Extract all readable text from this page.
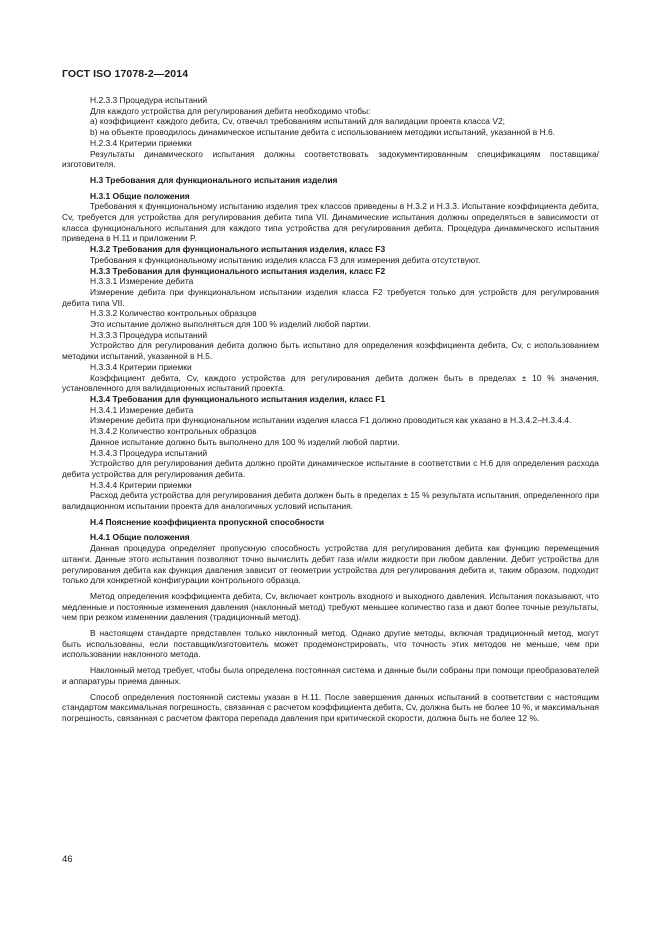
ГОСТ ISO 17078-2—2014

H.2.3.3 Процедура испытаний

Для каждого устройства для регулирования дебита необходимо чтобы:

а) коэффициент каждого дебита, Cv, отвечал требованиям испытаний для валидации проекта класса V2;

b) на объекте проводилось динамическое испытание дебита с использованием методики испытаний, указанной в H.6.

H.2.3.4 Критерии приемки

Результаты динамического испытания должны соответствовать задокументированным спецификациям поставщика/изготовителя.

H.3 Требования для функционального испытания изделия

H.3.1 Общие положения

Требования к функциональному испытанию изделия трех классов приведены в H.3.2 и H.3.3. Испытание коэффициента дебита, Cv, требуется для устройства для регулирования дебита типа VII. Динамические испытания должны определяться в зависимости от класса функционального испытания для каждого типа устройства для регулирования дебита. Процедура динамического испытания приведена в H.11 и приложении P.

H.3.2 Требования для функционального испытания изделия, класс F3

Требования к функциональному испытанию изделия класса F3 для измерения дебита отсутствуют.

H.3.3 Требования для функционального испытания изделия, класс F2

H.3.3.1 Измерение дебита

Измерение дебита при функциональном испытании изделия класса F2 требуется только для устройств для регулирования дебита типа VII.

H.3.3.2 Количество контрольных образцов

Это испытание должно выполняться для 100 % изделий любой партии.

H.3.3.3 Процедура испытаний

Устройство для регулирования дебита должно быть испытано для определения коэффициента дебита, Cv, с использованием методики испытаний, указанной в H.5.

H.3.3.4 Критерии приемки

Коэффициент дебита, Cv, каждого устройства для регулирования дебита должен быть в пределах ± 10 % значения, установленного для валидационных испытаний проекта.

H.3.4 Требования для функционального испытания изделия, класс F1

H.3.4.1 Измерение дебита

Измерение дебита при функциональном испытании изделия класса F1 должно проводиться как указано в H.3.4.2–H.3.4.4.

H.3.4.2 Количество контрольных образцов

Данное испытание должно быть выполнено для 100 % изделий любой партии.

H.3.4.3 Процедура испытаний

Устройство для регулирования дебита должно пройти динамическое испытание в соответствии с H.6 для определения расхода дебита устройства для регулирования дебита.

H.3.4.4 Критерии приемки

Расход дебита устройства для регулирования дебита должен быть в пределах ± 15 % результата испытания, определенного при валидационном испытании проекта для аналогичных условий испытания.

H.4 Пояснение коэффициента пропускной способности

H.4.1 Общие положения

Данная процедура определяет пропускную способность устройства для регулирования дебита как функцию перемещения штанги. Данные этого испытания позволяют точно вычислить дебит газа и/или жидкости при любом давлении. Дебит устройства для регулирования дебита как функция давления зависит от геометрии устройства для регулирования дебита и, таким образом, подходит только для конкретной конфигурации контрольного образца.

Метод определения коэффициента дебита, Cv, включает контроль входного и выходного давления. Испытания показывают, что медленные и постоянные изменения давления (наклонный метод) требуют меньшее количество газа и дают более точные результаты, чем при резком изменении давления (традиционный метод).

В настоящем стандарте представлен только наклонный метод. Однако другие методы, включая традиционный метод, могут быть использованы, если поставщик/изготовитель может продемонстрировать, что точность этих методов не меньше, чем при использовании наклонного метода.

Наклонный метод требует, чтобы была определена постоянная система и данные были собраны при помощи преобразователей и аппаратуры приема данных.

Способ определения постоянной системы указан в H.11. После завершения данных испытаний в соответствии с настоящим стандартом максимальная погрешность, связанная с расчетом коэффициента дебита, Cv, должна быть не более 10 %, и максимальная погрешность, связанная с расчетом фактора перепада давления при критической скорости, должна быть не более 12 %.

46
